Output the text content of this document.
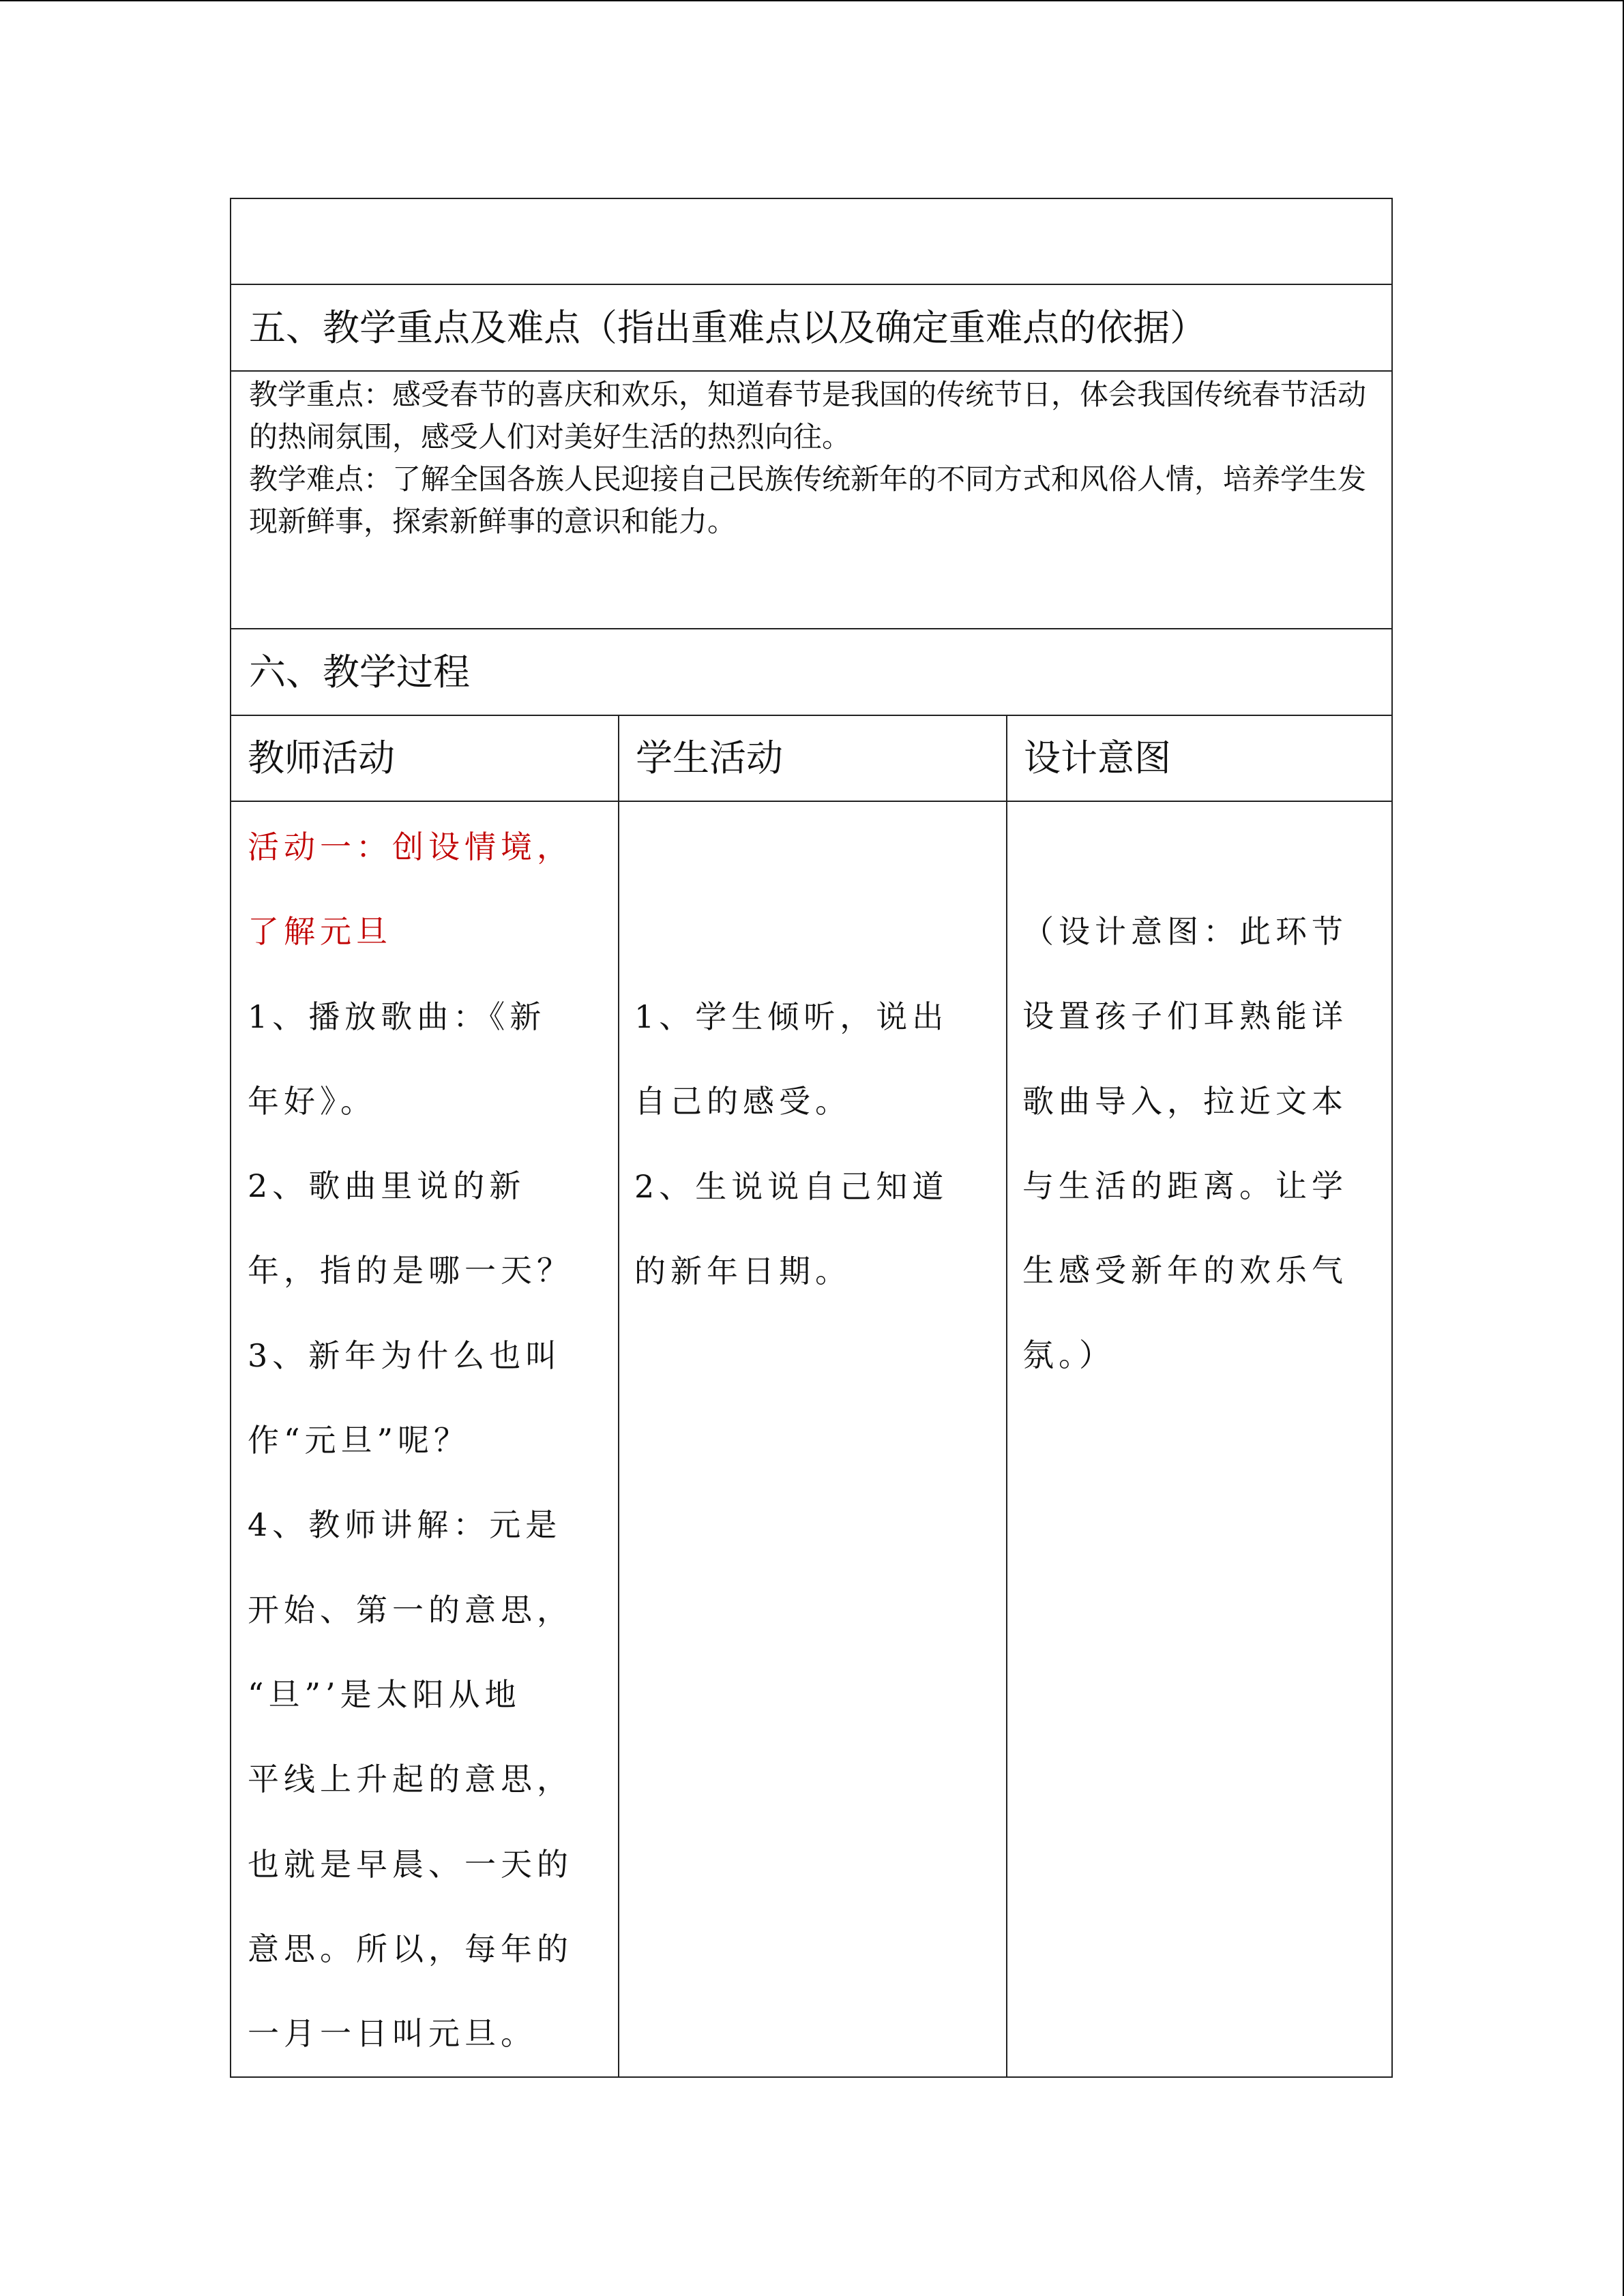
五、教学重点及难点（指出重难点以及确定重难点的依据）
教学重点：感受春节的喜庆和欢乐，知道春节是我国的传统节日，体会我国传统春节活动
的热闹氛围，感受人们对美好生活的热烈向往。
教学难点：了解全国各族人民迎接自己民族传统新年的不同方式和风俗人情，培养学生发
现新鲜事，探索新鲜事的意识和能力。
六、教学过程
教师活动	学生活动	设计意图
活动一：创设情境，
了解元旦
1、播放歌曲：《新
年好》。
2、歌曲里说的新
年，指的是哪一天？
3、新年为什么也叫
作“元旦”呢？
4、教师讲解：元是
开始、第一的意思，
“旦”’是太阳从地
平线上升起的意思，
也就是早晨、一天的
意思。所以，每年的
一月一日叫元旦。
1、学生倾听，说出
自己的感受。
2、生说说自己知道
的新年日期。
（设计意图：此环节
设置孩子们耳熟能详
歌曲导入，拉近文本
与生活的距离。让学
生感受新年的欢乐气
氛。）
